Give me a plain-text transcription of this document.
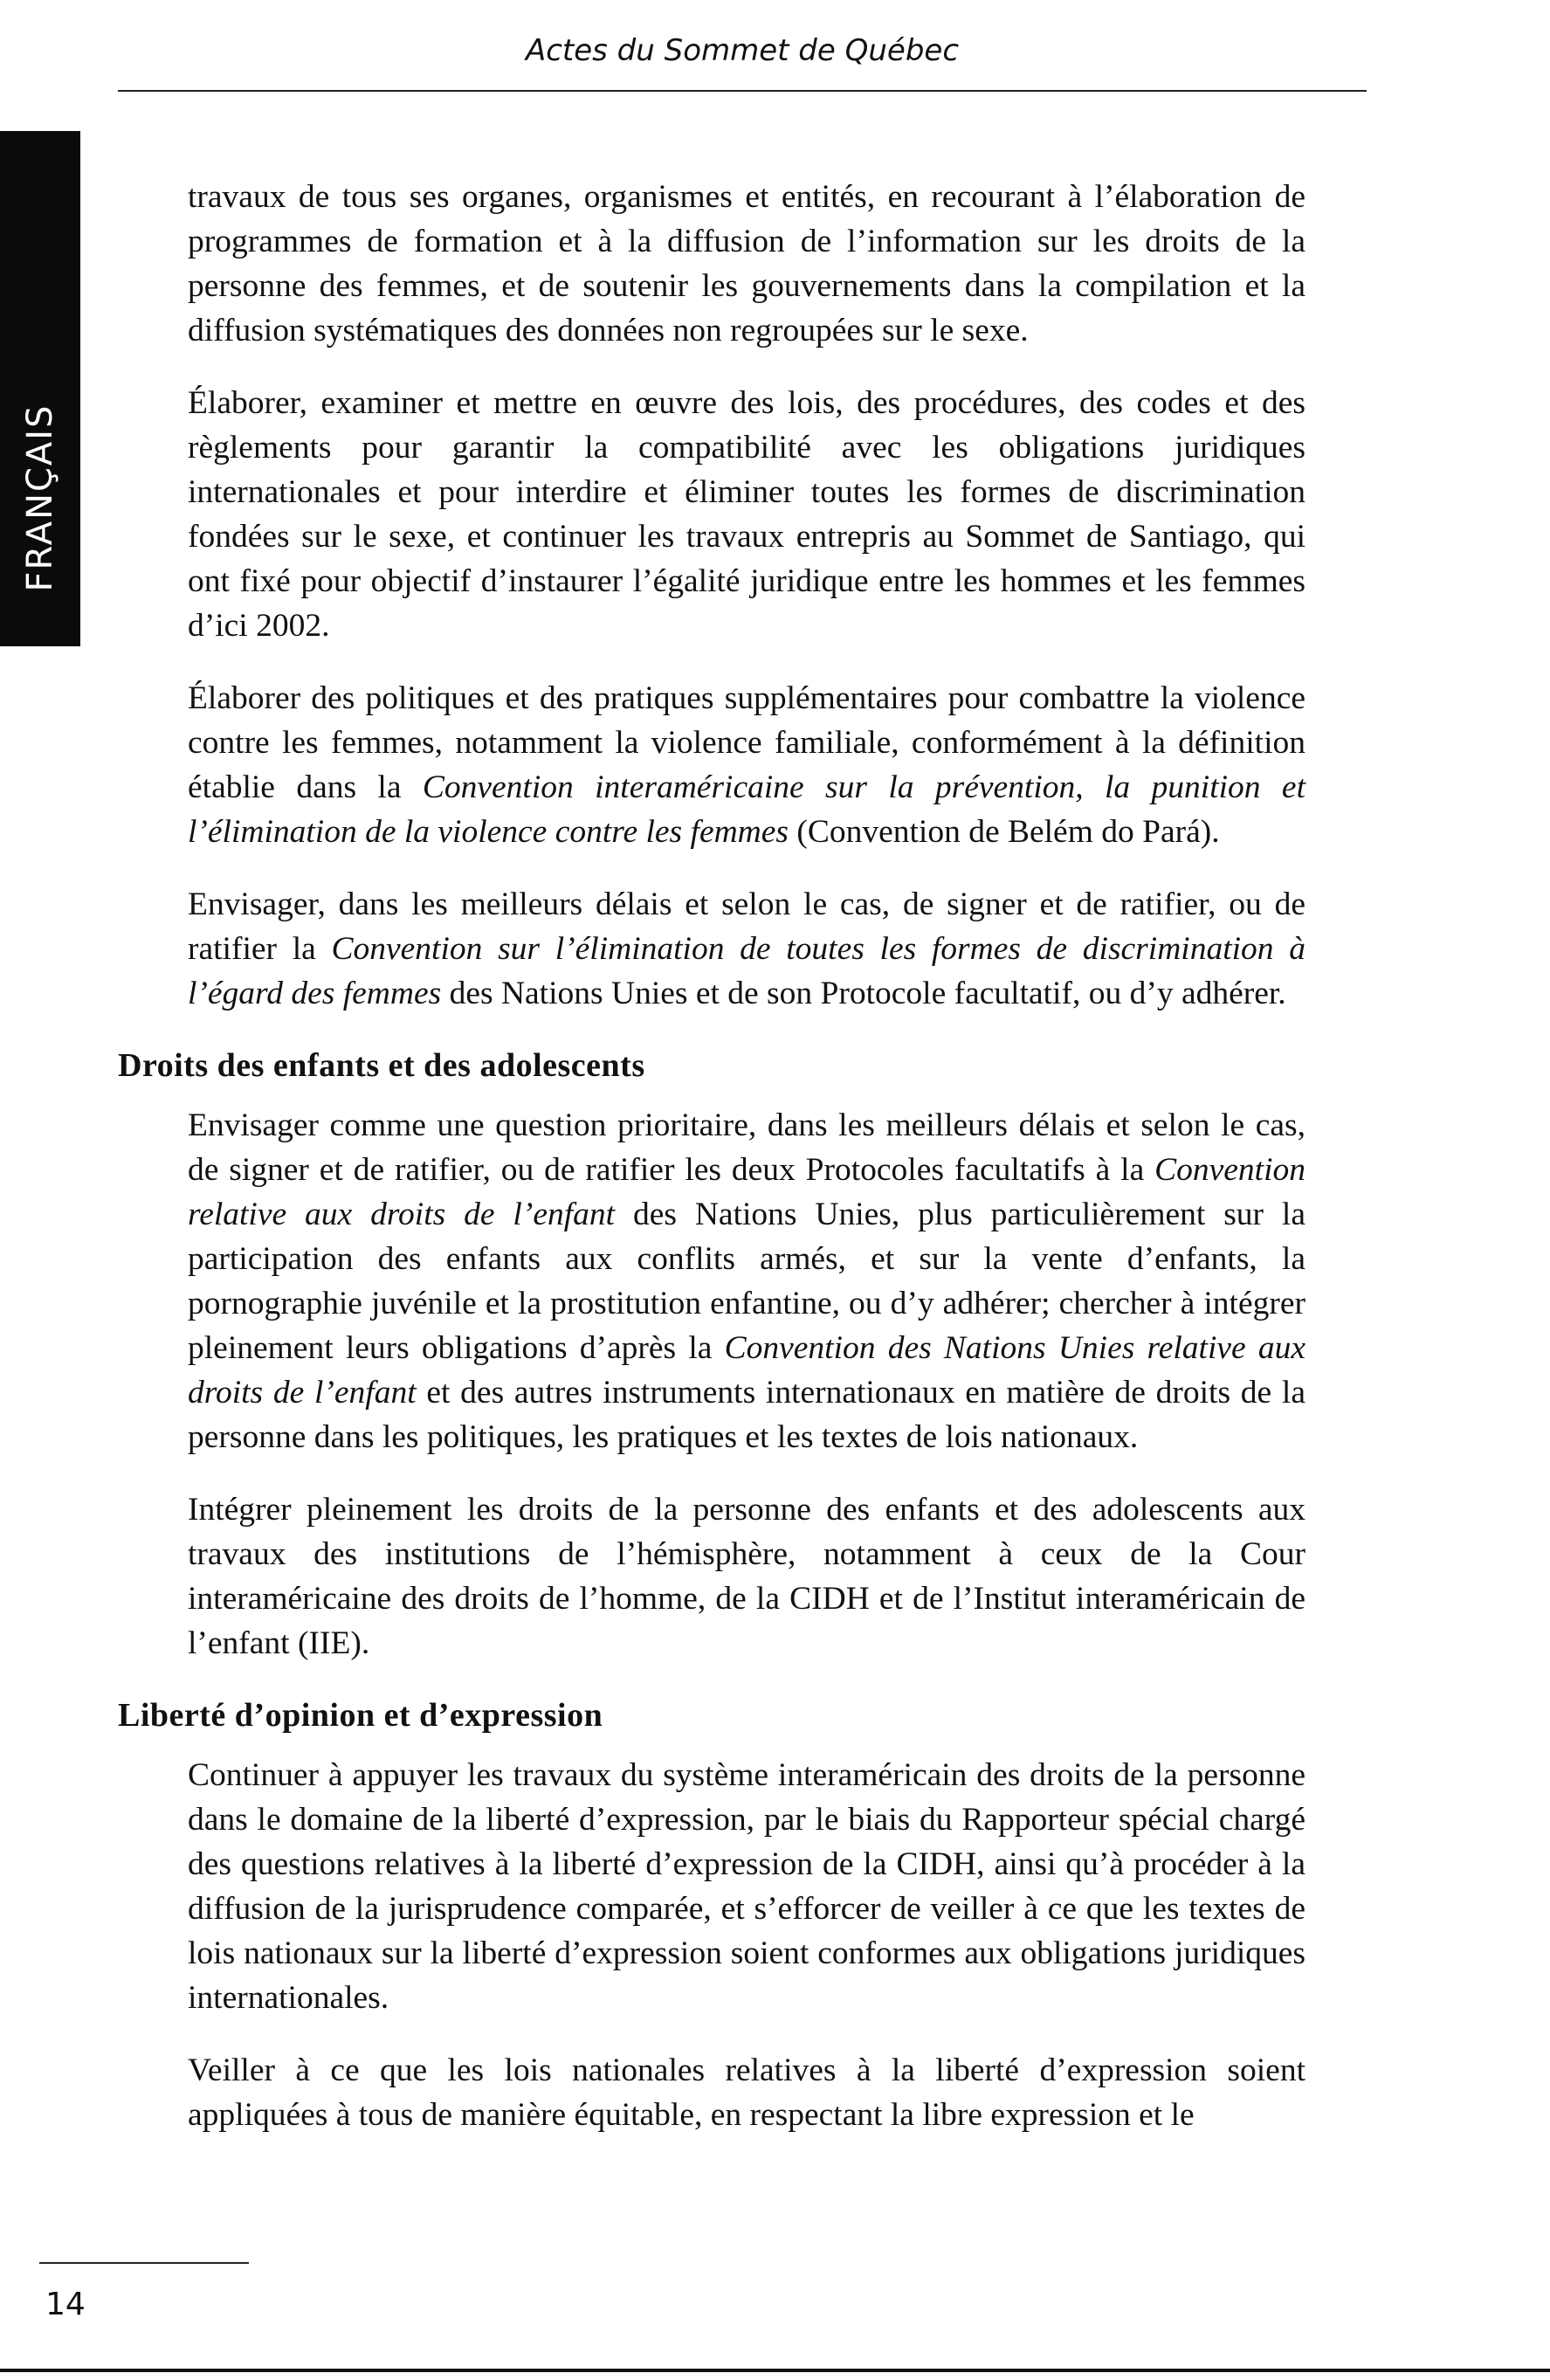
Actes du Sommet de Québec
FRANÇAIS

travaux de tous ses organes, organismes et entités, en recourant à l’élaboration de programmes de formation et à la diffusion de l’information sur les droits de la personne des femmes, et de soutenir les gouvernements dans la compilation et la diffusion systématiques des données non regroupées sur le sexe.

Élaborer, examiner et mettre en œuvre des lois, des procédures, des codes et des règlements pour garantir la compatibilité avec les obligations juridiques internationales et pour interdire et éliminer toutes les formes de discrimination fondées sur le sexe, et continuer les travaux entrepris au Sommet de Santiago, qui ont fixé pour objectif d’instaurer l’égalité juridique entre les hommes et les femmes d’ici 2002.

Élaborer des politiques et des pratiques supplémentaires pour combattre la violence contre les femmes, notamment la violence familiale, conformément à la définition établie dans la Convention interaméricaine sur la prévention, la punition et l’élimination de la violence contre les femmes (Convention de Belém do Pará).

Envisager, dans les meilleurs délais et selon le cas, de signer et de ratifier, ou de ratifier la Convention sur l’élimination de toutes les formes de discrimination à l’égard des femmes des Nations Unies et de son Protocole facultatif, ou d’y adhérer.

Droits des enfants et des adolescents

Envisager comme une question prioritaire, dans les meilleurs délais et selon le cas, de signer et de ratifier, ou de ratifier les deux Protocoles facultatifs à la Convention relative aux droits de l’enfant des Nations Unies, plus particulièrement sur la participation des enfants aux conflits armés, et sur la vente d’enfants, la pornographie juvénile et la prostitution enfantine, ou d’y adhérer; chercher à intégrer pleinement leurs obligations d’après la Convention des Nations Unies relative aux droits de l’enfant et des autres instruments internationaux en matière de droits de la personne dans les politiques, les pratiques et les textes de lois nationaux.

Intégrer pleinement les droits de la personne des enfants et des adolescents aux travaux des institutions de l’hémisphère, notamment à ceux de la Cour interaméricaine des droits de l’homme, de la CIDH et de l’Institut interaméricain de l’enfant (IIE).

Liberté d’opinion et d’expression

Continuer à appuyer les travaux du système interaméricain des droits de la personne dans le domaine de la liberté d’expression, par le biais du Rapporteur spécial chargé des questions relatives à la liberté d’expression de la CIDH, ainsi qu’à procéder à la diffusion de la jurisprudence comparée, et s’efforcer de veiller à ce que les textes de lois nationaux sur la liberté d’expression soient conformes aux obligations juridiques internationales.

Veiller à ce que les lois nationales relatives à la liberté d’expression soient appliquées à tous de manière équitable, en respectant la libre expression et le

14
